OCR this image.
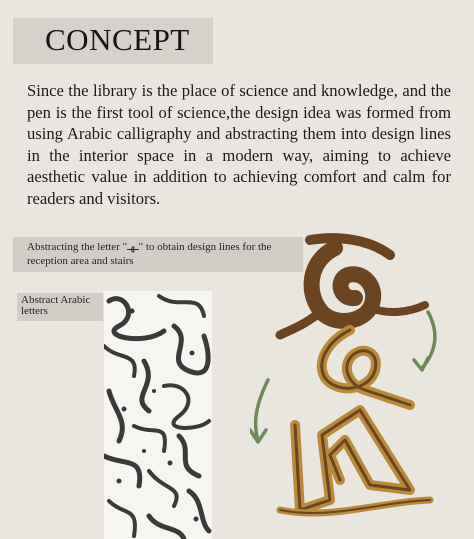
CONCEPT
Since the library is the place of science and knowledge, and the pen is the first tool of science,the design idea was formed from using Arabic calligraphy and abstracting them into design lines in the interior space in a modern way, aiming to achieve aesthetic value in addition to achieving comfort and calm for readers and visitors.
Abstracting the letter "ـهـ" to obtain design lines for the reception area and stairs
Abstract Arabic letters
